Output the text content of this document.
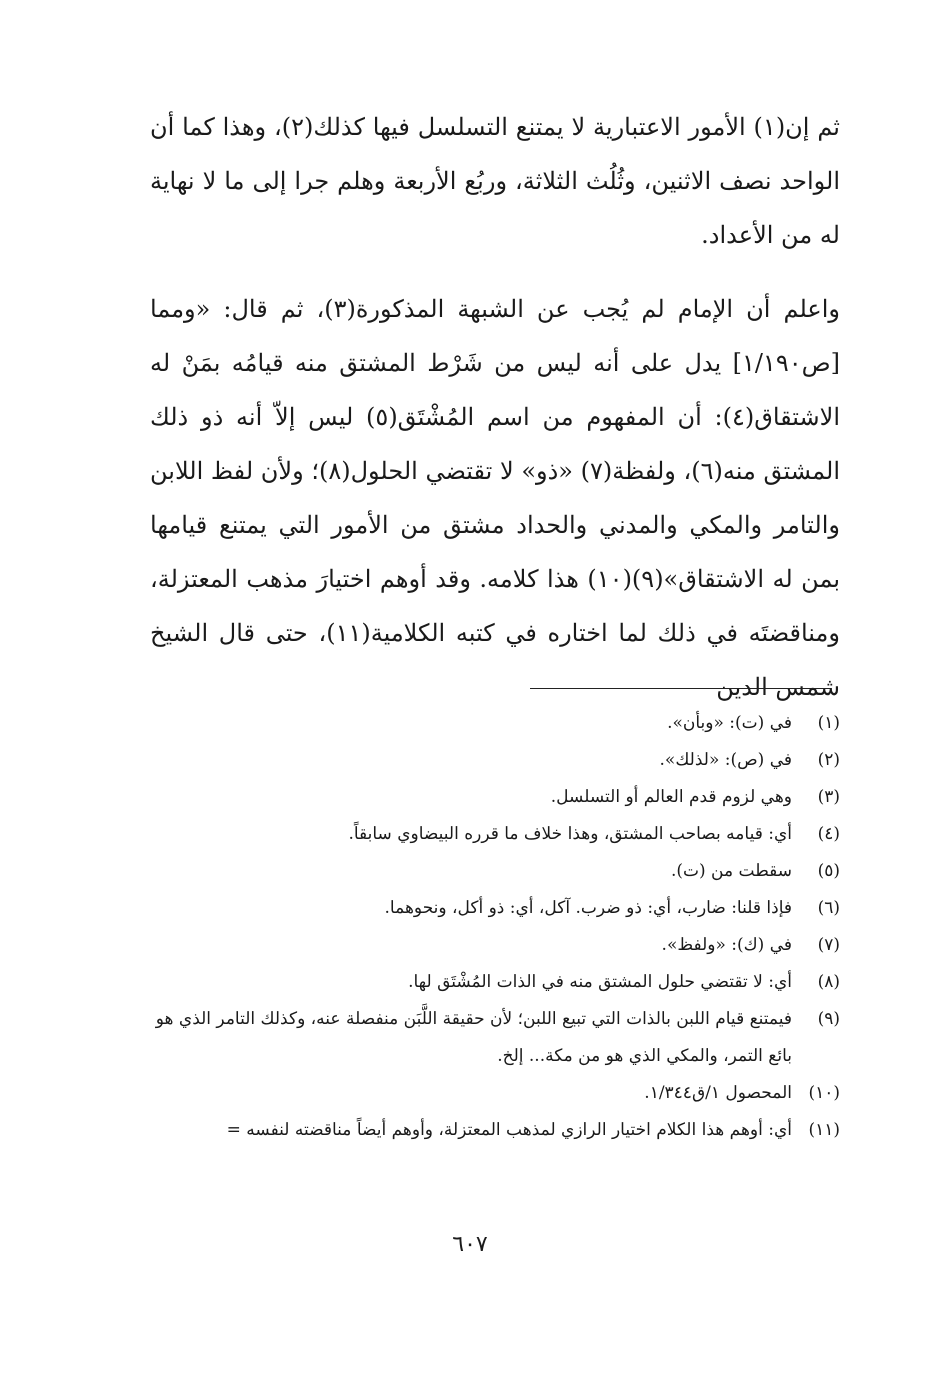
ثم إن(١) الأمور الاعتبارية لا يمتنع التسلسل فيها كذلك(٢)، وهذا كما أن الواحد نصف الاثنين، وثُلُث الثلاثة، وربُع الأربعة وهلم جرا إلى ما لا نهاية له من الأعداد.

واعلم أن الإمام لم يُجب عن الشبهة المذكورة(٣)، ثم قال: «ومما [ص١/١٩٠] يدل على أنه ليس من شَرْط المشتق منه قيامُه بمَنْ له الاشتقاق(٤): أن المفهوم من اسم المُشْتَق(٥) ليس إلاّ أنه ذو ذلك المشتق منه(٦)، ولفظة(٧) «ذو» لا تقتضي الحلول(٨)؛ ولأن لفظ اللابن والتامر والمكي والمدني والحداد مشتق من الأمور التي يمتنع قيامها بمن له الاشتقاق»(٩)(١٠) هذا كلامه. وقد أوهم اختيارَ مذهب المعتزلة، ومناقضتَه في ذلك لما اختاره في كتبه الكلامية(١١)، حتى قال الشيخ شمس الدين

(١)
في (ت): «وبأن».
(٢)
في (ص): «لذلك».
(٣)
وهي لزوم قدم العالم أو التسلسل.
(٤)
أي: قيامه بصاحب المشتق، وهذا خلاف ما قرره البيضاوي سابقاً.
(٥)
سقطت من (ت).
(٦)
فإذا قلنا: ضارب، أي: ذو ضرب. آكل، أي: ذو أكل، ونحوهما.
(٧)
في (ك): «ولفظ».
(٨)
أي: لا تقتضي حلول المشتق منه في الذات المُشْتَق لها.
(٩)
فيمتنع قيام اللبن بالذات التي تبيع اللبن؛ لأن حقيقة اللَّبَن منفصلة عنه، وكذلك التامر الذي هو بائع التمر، والمكي الذي هو من مكة... إلخ.
(١٠)
المحصول ١/ق١/٣٤٤.
(١١)
أي: أوهم هذا الكلام اختيار الرازي لمذهب المعتزلة، وأوهم أيضاً مناقضته لنفسه =
٦٠٧
